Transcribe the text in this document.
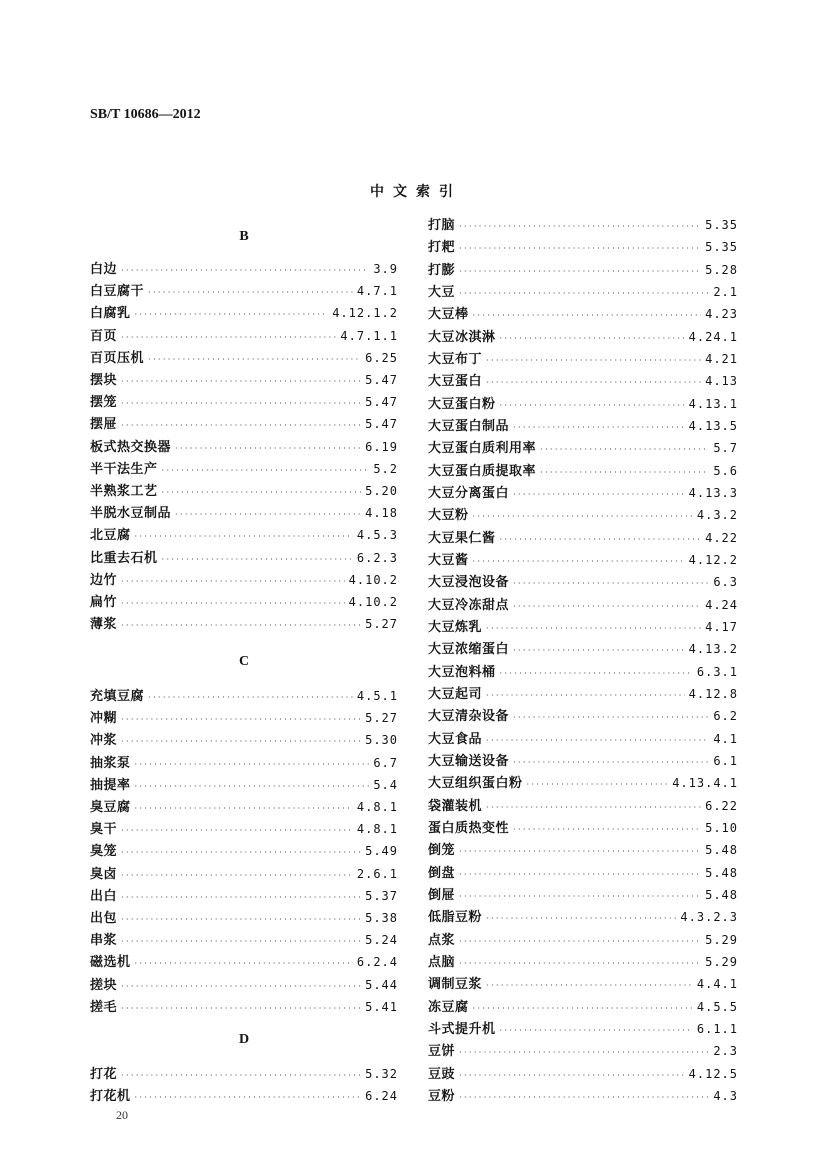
SB/T 10686—2012
中文索引
B
白边 ·····	3.9
白豆腐干 ·····	4.7.1
白腐乳 ·····	4.12.1.2
百页 ·····	4.7.1.1
百页压机 ·····	6.25
摆块 ·····	5.47
摆笼 ·····	5.47
摆屉 ·····	5.47
板式热交换器 ·····	6.19
半干法生产 ·····	5.2
半熟浆工艺 ·····	5.20
半脱水豆制品 ·····	4.18
北豆腐 ·····	4.5.3
比重去石机 ·····	6.2.3
边竹 ·····	4.10.2
扁竹 ·····	4.10.2
薄浆 ·····	5.27
C
充填豆腐 ·····	4.5.1
冲糊 ·····	5.27
冲浆 ·····	5.30
抽浆泵 ·····	6.7
抽提率 ·····	5.4
臭豆腐 ·····	4.8.1
臭干 ·····	4.8.1
臭笼 ·····	5.49
臭卤 ·····	2.6.1
出白 ·····	5.37
出包 ·····	5.38
串浆 ·····	5.24
磁选机 ·····	6.2.4
搓块 ·····	5.44
搓毛 ·····	5.41
D
打花 ·····	5.32
打花机 ·····	6.24
打脑 ·····	5.35
打耙 ·····	5.35
打膨 ·····	5.28
大豆 ·····	2.1
大豆棒 ·····	4.23
大豆冰淇淋 ·····	4.24.1
大豆布丁 ·····	4.21
大豆蛋白 ·····	4.13
大豆蛋白粉 ·····	4.13.1
大豆蛋白制品 ·····	4.13.5
大豆蛋白质利用率 ·····	5.7
大豆蛋白质提取率 ·····	5.6
大豆分离蛋白 ·····	4.13.3
大豆粉 ·····	4.3.2
大豆果仁酱 ·····	4.22
大豆酱 ·····	4.12.2
大豆浸泡设备 ·····	6.3
大豆冷冻甜点 ·····	4.24
大豆炼乳 ·····	4.17
大豆浓缩蛋白 ·····	4.13.2
大豆泡料桶 ·····	6.3.1
大豆起司 ·····	4.12.8
大豆清杂设备 ·····	6.2
大豆食品 ·····	4.1
大豆输送设备 ·····	6.1
大豆组织蛋白粉 ·····	4.13.4.1
袋灌装机 ·····	6.22
蛋白质热变性 ·····	5.10
倒笼 ·····	5.48
倒盘 ·····	5.48
倒屉 ·····	5.48
低脂豆粉 ·····	4.3.2.3
点浆 ·····	5.29
点脑 ·····	5.29
调制豆浆 ·····	4.4.1
冻豆腐 ·····	4.5.5
斗式提升机 ·····	6.1.1
豆饼 ·····	2.3
豆豉 ·····	4.12.5
豆粉 ·····	4.3
20
